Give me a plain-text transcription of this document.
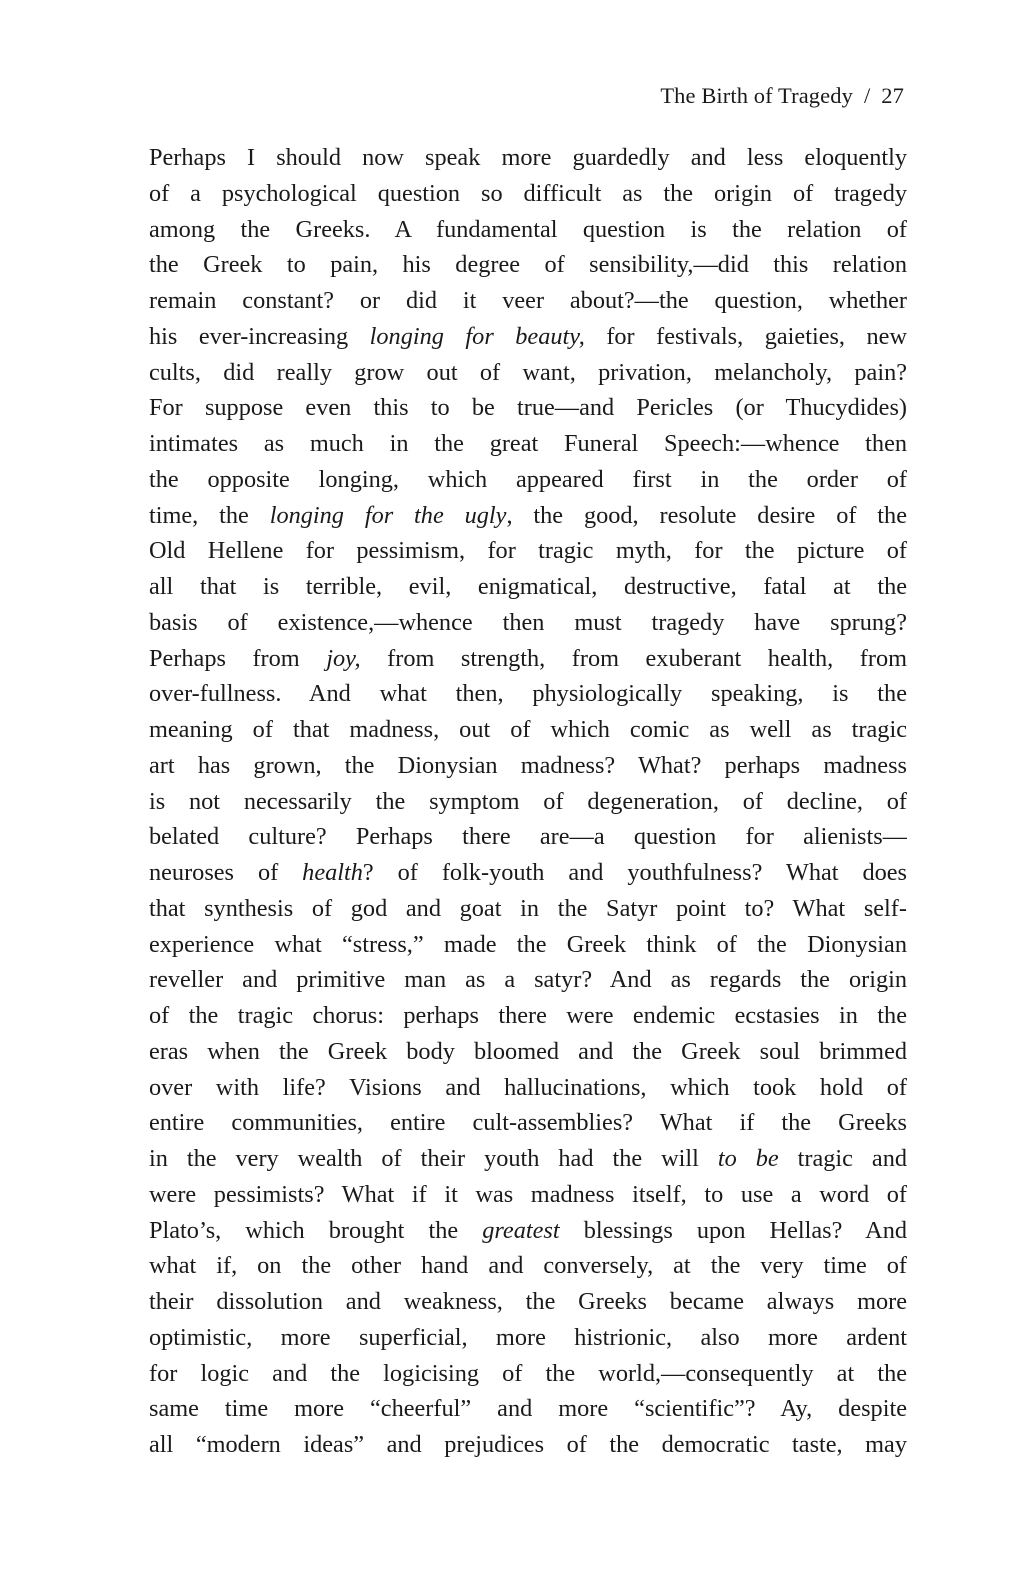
The Birth of Tragedy / 27
Perhaps I should now speak more guardedly and less eloquently
of a psychological question so difficult as the origin of tragedy
among the Greeks. A fundamental question is the relation of
the Greek to pain, his degree of sensibility,—did this relation
remain constant? or did it veer about?—the question, whether
his ever-increasing longing for beauty, for festivals, gaieties, new
cults, did really grow out of want, privation, melancholy, pain?
For suppose even this to be true—and Pericles (or Thucydides)
intimates as much in the great Funeral Speech:—whence then
the opposite longing, which appeared first in the order of
time, the longing for the ugly, the good, resolute desire of the
Old Hellene for pessimism, for tragic myth, for the picture of
all that is terrible, evil, enigmatical, destructive, fatal at the
basis of existence,—whence then must tragedy have sprung?
Perhaps from joy, from strength, from exuberant health, from
over-fullness. And what then, physiologically speaking, is the
meaning of that madness, out of which comic as well as tragic
art has grown, the Dionysian madness? What? perhaps madness
is not necessarily the symptom of degeneration, of decline, of
belated culture? Perhaps there are—a question for alienists—
neuroses of health? of folk-youth and youthfulness? What does
that synthesis of god and goat in the Satyr point to? What self-
experience what “stress,” made the Greek think of the Dionysian
reveller and primitive man as a satyr? And as regards the origin
of the tragic chorus: perhaps there were endemic ecstasies in the
eras when the Greek body bloomed and the Greek soul brimmed
over with life? Visions and hallucinations, which took hold of
entire communities, entire cult-assemblies? What if the Greeks
in the very wealth of their youth had the will to be tragic and
were pessimists? What if it was madness itself, to use a word of
Plato’s, which brought the greatest blessings upon Hellas? And
what if, on the other hand and conversely, at the very time of
their dissolution and weakness, the Greeks became always more
optimistic, more superficial, more histrionic, also more ardent
for logic and the logicising of the world,—consequently at the
same time more “cheerful” and more “scientific”? Ay, despite
all “modern ideas” and prejudices of the democratic taste, may
